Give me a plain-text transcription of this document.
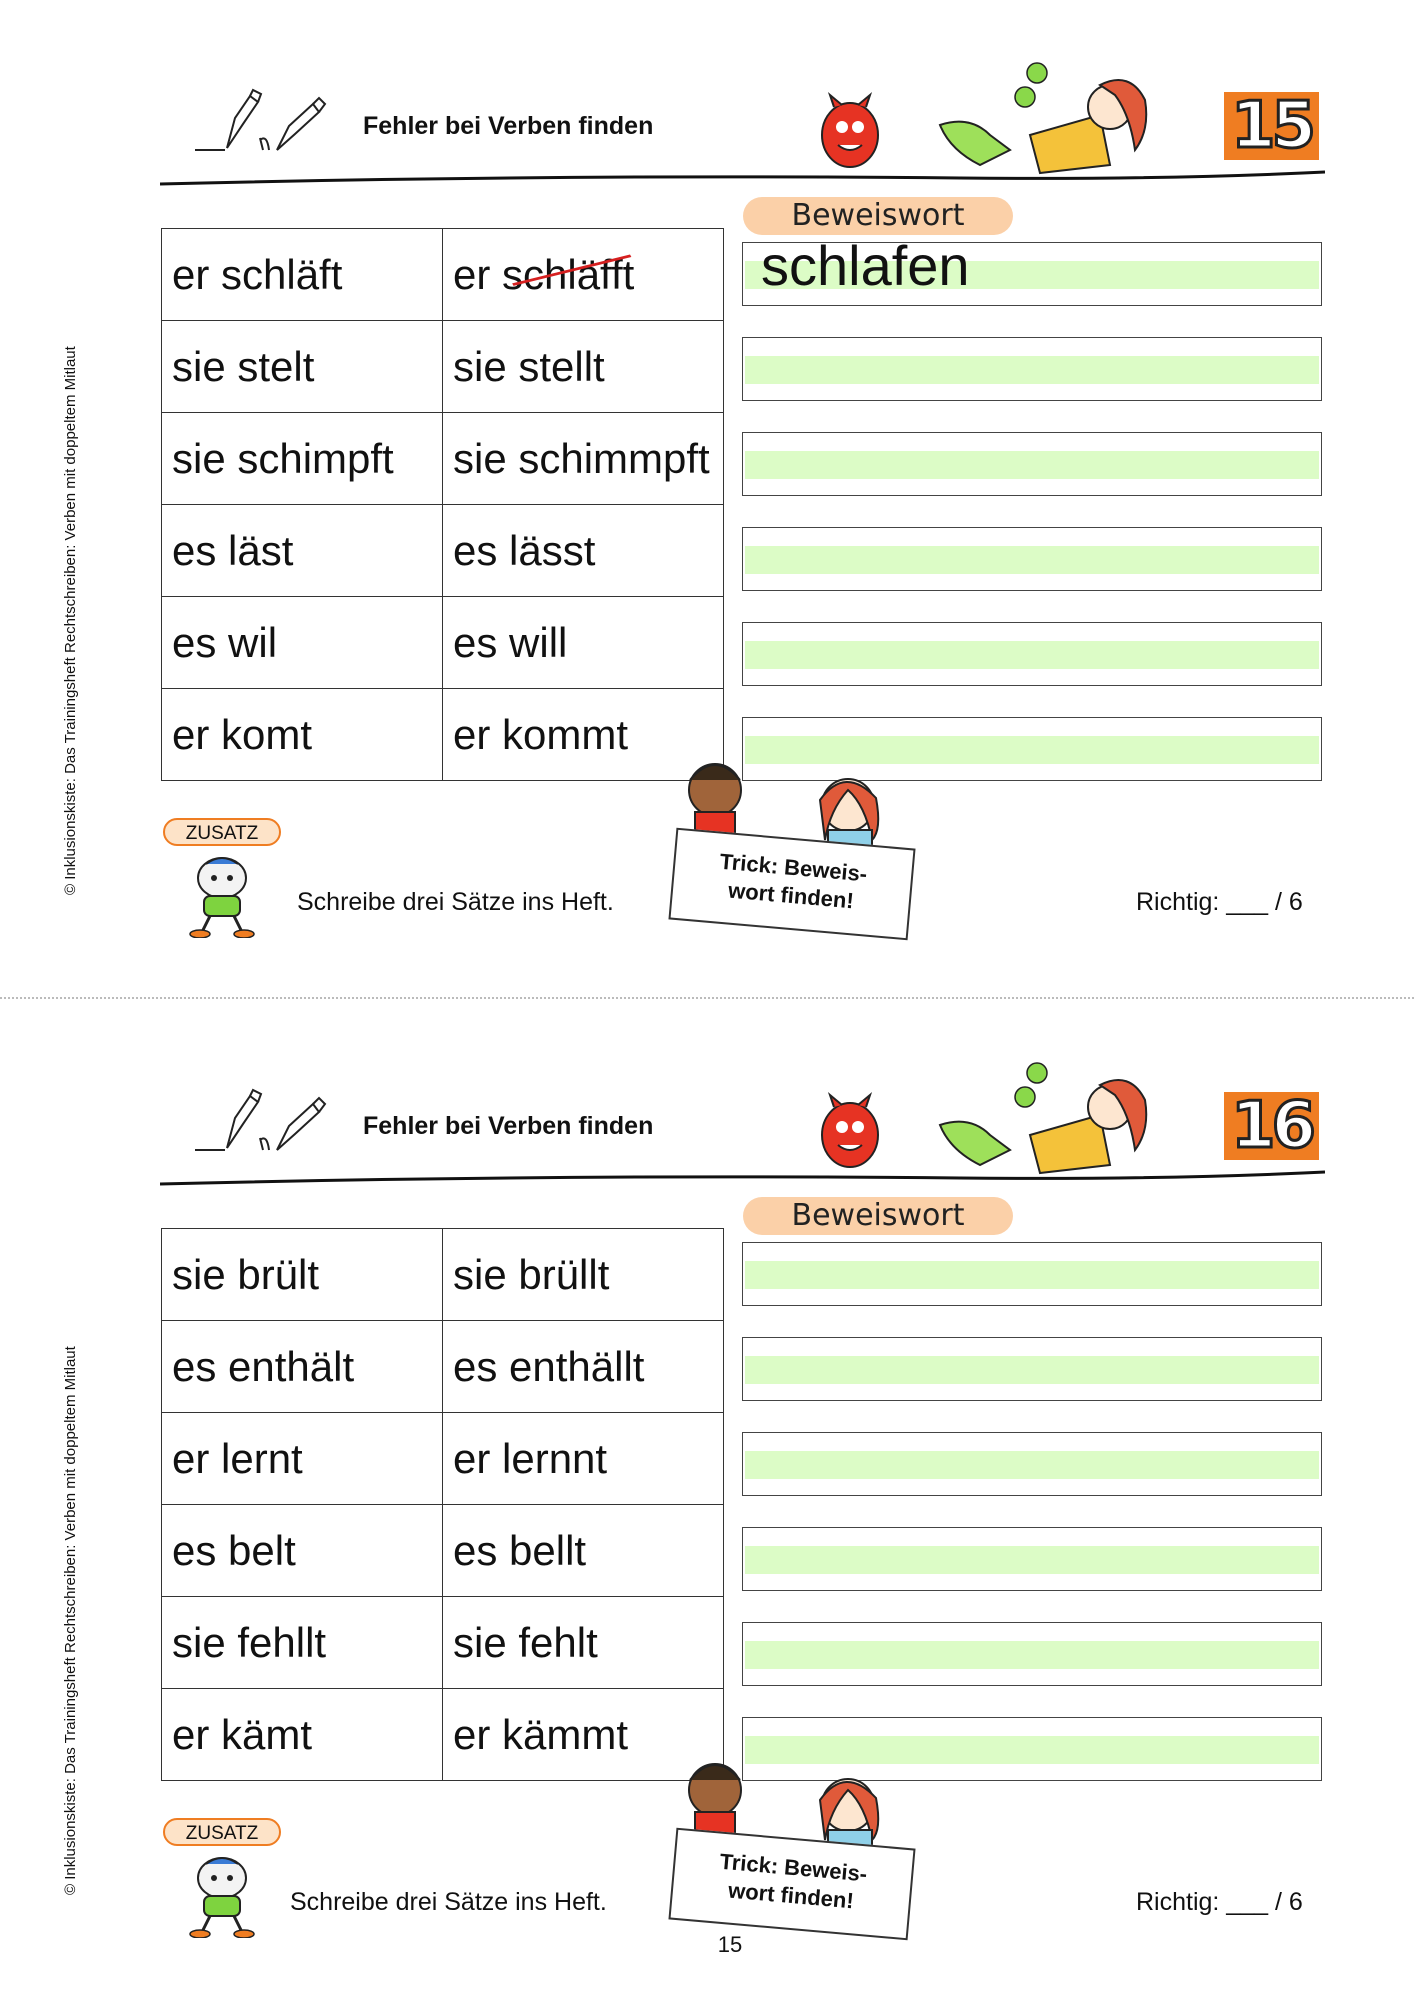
© Inklusionskiste: Das Trainingsheft Rechtschreiben: Verben mit doppeltem Mitlaut
Fehler bei Verben finden	15
er schläft	er schläfft

sie stelt	sie stellt
sie schimpft	sie schimmpft
es läst	es lässt
es wil	es will
er komt	er kommt
Beweiswort
schlafen
ZUSATZ
Schreibe drei Sätze ins Heft.
Trick: Beweis-
wort finden!	Richtig: ___ / 6
© Inklusionskiste: Das Trainingsheft Rechtschreiben: Verben mit doppeltem Mitlaut
Fehler bei Verben finden	16
sie brült	sie brüllt
es enthält	es enthällt
er lernt	er lernnt
es belt	es bellt
sie fehllt	sie fehlt
er kämt	er kämmt
Beweiswort
ZUSATZ
Schreibe drei Sätze ins Heft.
Trick: Beweis-
wort finden!	Richtig: ___ / 6
15
